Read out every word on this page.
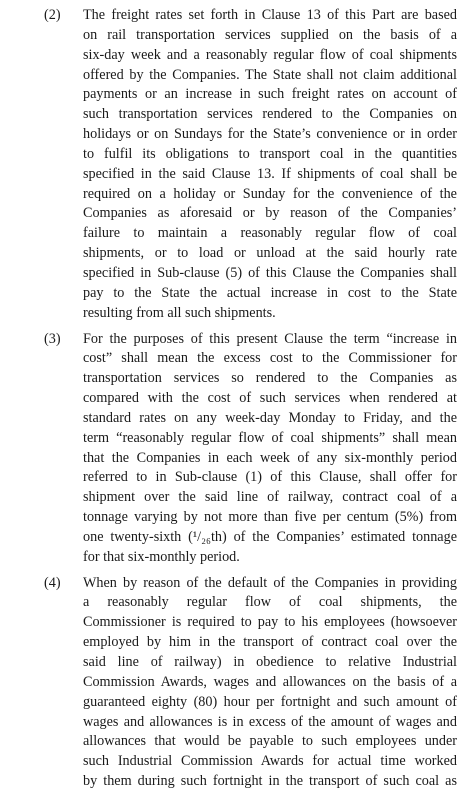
(2) The freight rates set forth in Clause 13 of this Part are based
on rail transportation services supplied on the basis of a
six-day week and a reasonably regular flow of coal shipments
offered by the Companies. The State shall not claim additional
payments or an increase in such freight rates on account of
such transportation services rendered to the Companies on
holidays or on Sundays for the State’s convenience or in order
to fulfil its obligations to transport coal in the quantities
specified in the said Clause 13. If shipments of coal shall be
required on a holiday or Sunday for the convenience of the
Companies as aforesaid or by reason of the Companies’
failure to maintain a reasonably regular flow of coal
shipments, or to load or unload at the said hourly rate
specified in Sub-clause (5) of this Clause the Companies shall
pay to the State the actual increase in cost to the State
resulting from all such shipments.
(3) For the purposes of this present Clause the term “increase in
cost” shall mean the excess cost to the Commissioner for
transportation services so rendered to the Companies as
compared with the cost of such services when rendered at
standard rates on any week-day Monday to Friday, and the
term “reasonably regular flow of coal shipments” shall mean
that the Companies in each week of any six-monthly period
referred to in Sub-clause (1) of this Clause, shall offer for
shipment over the said line of railway, contract coal of a
tonnage varying by not more than five per centum (5%) from
one twenty-sixth (¹/₂₆th) of the Companies’ estimated tonnage
for that six-monthly period.
(4) When by reason of the default of the Companies in providing
a reasonably regular flow of coal shipments, the
Commissioner is required to pay to his employees (howsoever
employed by him in the transport of contract coal over the
said line of railway) in obedience to relative Industrial
Commission Awards, wages and allowances on the basis of a
guaranteed eighty (80) hour per fortnight and such amount of
wages and allowances is in excess of the amount of wages and
allowances that would be payable to such employees under
such Industrial Commission Awards for actual time worked
by them during such fortnight in the transport of such coal as
